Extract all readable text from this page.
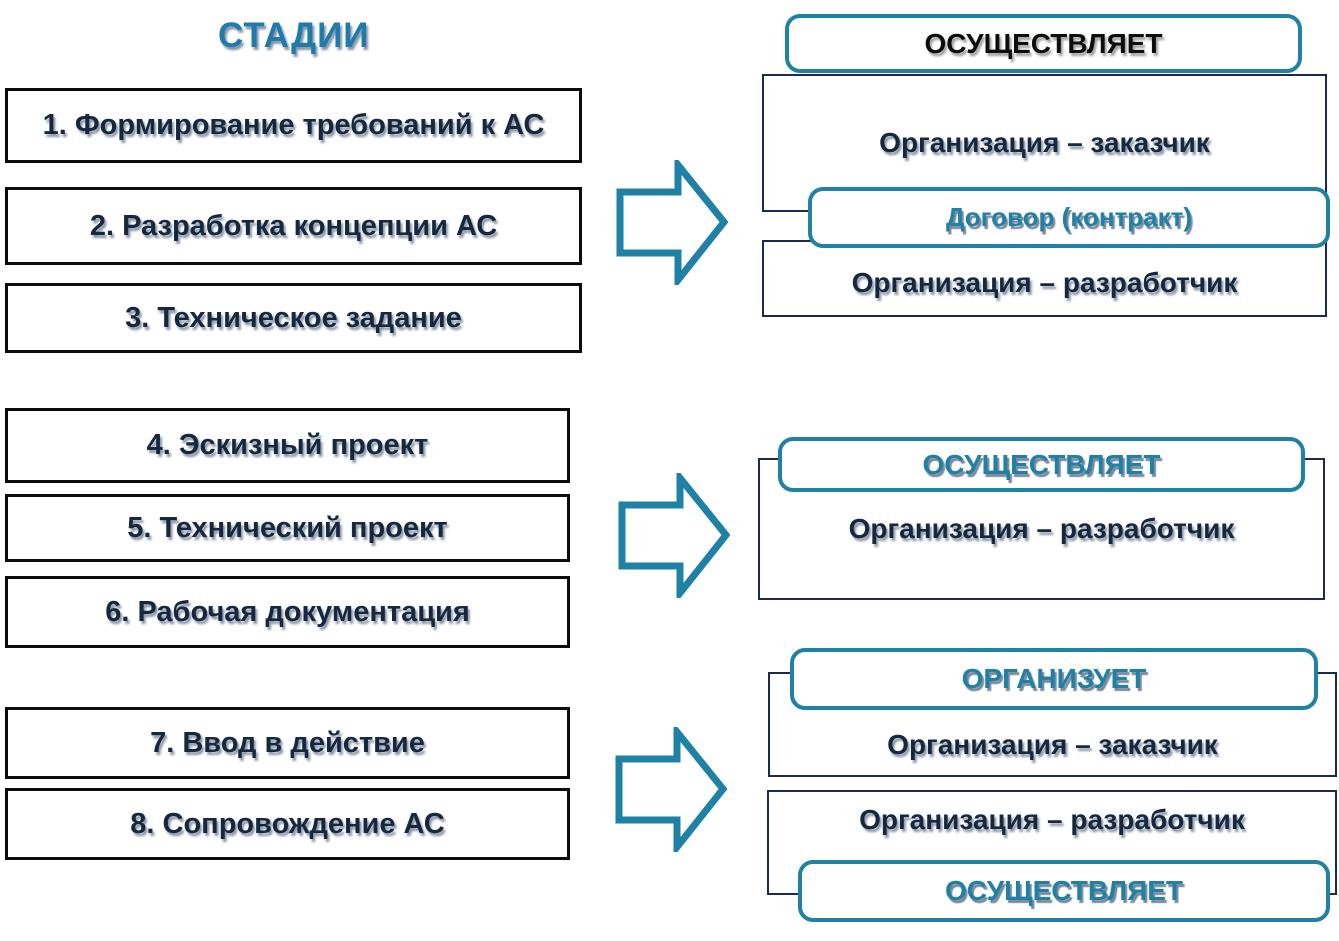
СТАДИИ
1. Формирование требований к АС
2. Разработка концепции АС
3. Техническое задание
4. Эскизный проект
5. Технический проект
6. Рабочая документация
7. Ввод в действие
8. Сопровождение АС
Организация – заказчик
Организация – разработчик
ОСУЩЕСТВЛЯЕТ
Договор (контракт)
Организация – разработчик
ОСУЩЕСТВЛЯЕТ
Организация – заказчик
ОРГАНИЗУЕТ
Организация – разработчик
ОСУЩЕСТВЛЯЕТ
